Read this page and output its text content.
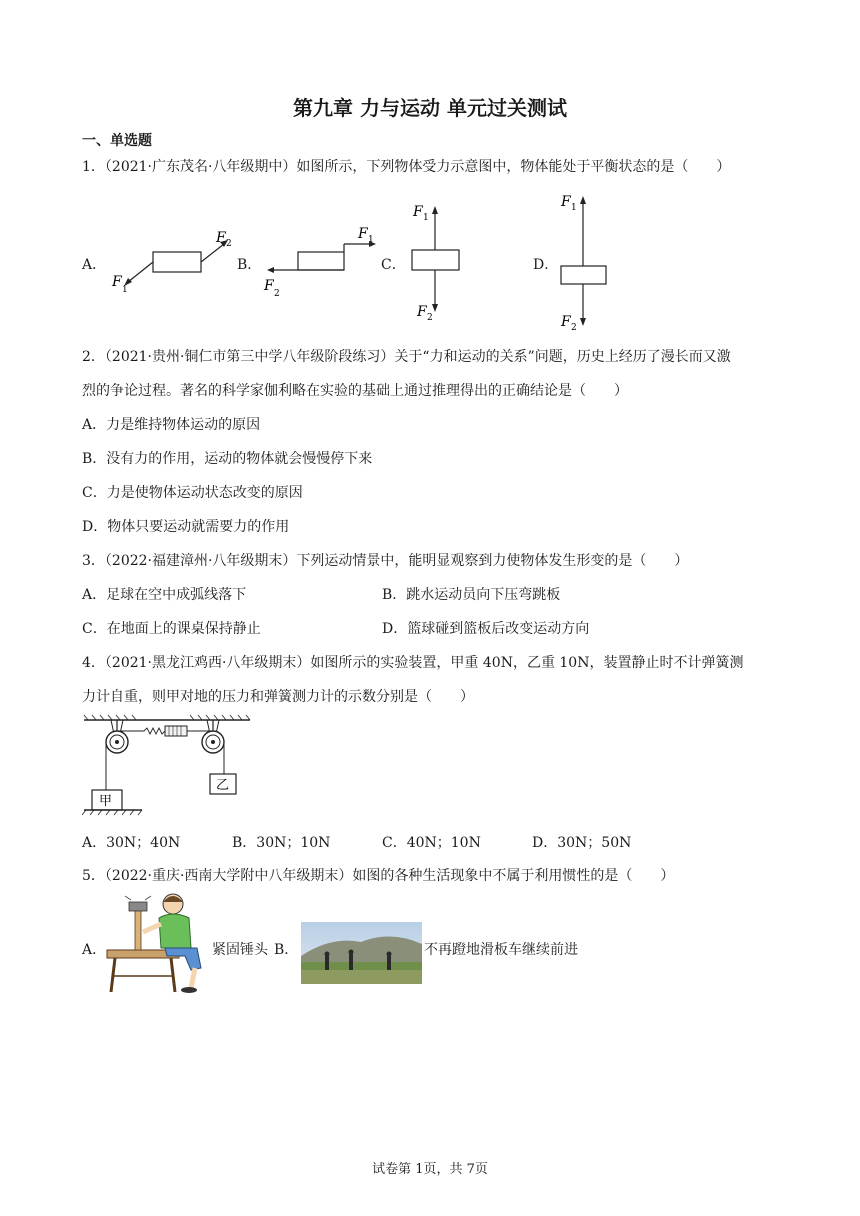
第九章 力与运动 单元过关测试
一、单选题
1．（2021·广东茂名·八年级期中）如图所示，下列物体受力示意图中，物体能处于平衡状态的是（　　）
A．
F 2
F 1
B．
F 1
F 2
C．
F 1
F 2
D．
F 1
F 2
2．（2021·贵州·铜仁市第三中学八年级阶段练习）关于“力和运动的关系”问题，历史上经历了漫长而又激
烈的争论过程。著名的科学家伽利略在实验的基础上通过推理得出的正确结论是（　　）
A．力是维持物体运动的原因
B．没有力的作用，运动的物体就会慢慢停下来
C．力是使物体运动状态改变的原因
D．物体只要运动就需要力的作用
3．（2022·福建漳州·八年级期末）下列运动情景中，能明显观察到力使物体发生形变的是（　　）
A．足球在空中成弧线落下	B．跳水运动员向下压弯跳板
C．在地面上的课桌保持静止	D．篮球碰到篮板后改变运动方向
4．（2021·黑龙江鸡西·八年级期末）如图所示的实验装置，甲重 40N，乙重 10N，装置静止时不计弹簧测
力计自重，则甲对地的压力和弹簧测力计的示数分别是（　　）
甲
乙
A．30N；40N	B．30N；10N	C．40N；10N	D．30N；50N
5．（2022·重庆·西南大学附中八年级期末）如图的各种生活现象中不属于利用惯性的是（　　）
A．	紧固锤头 B．	不再蹬地滑板车继续前进
试卷第 1页，共 7页
